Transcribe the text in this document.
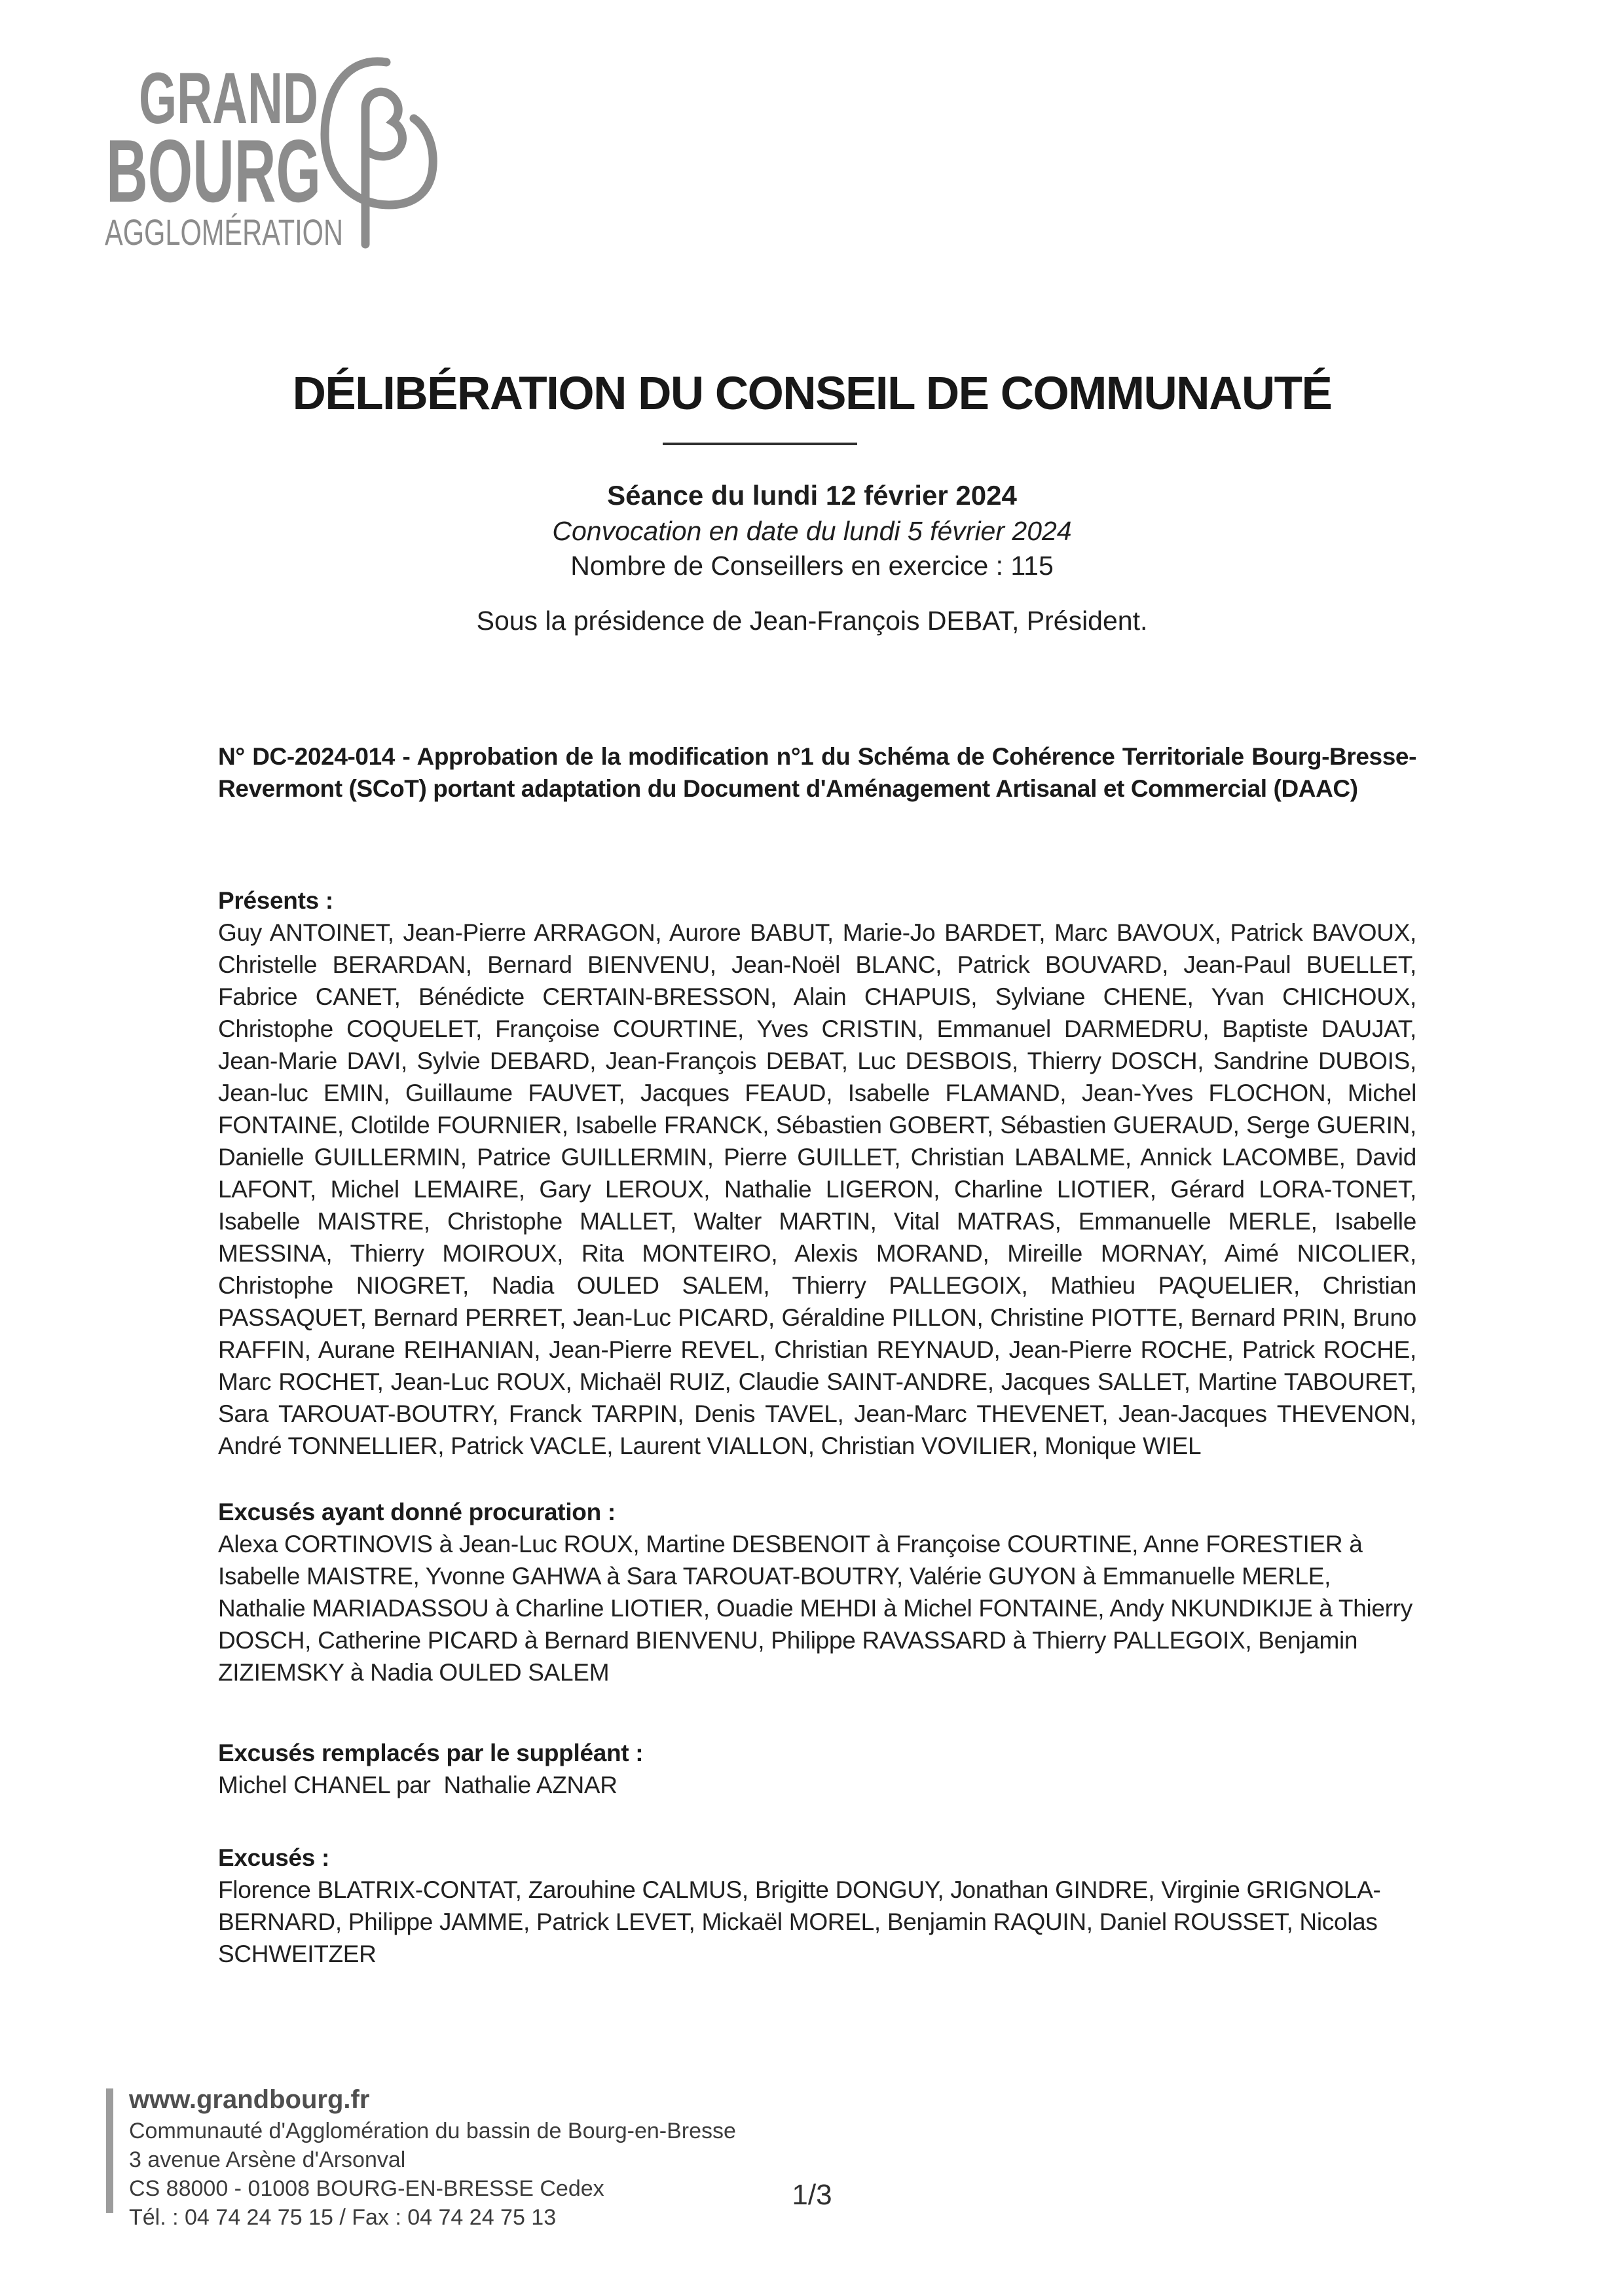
GRAND
BOURG
AGGLOMÉRATION
DÉLIBÉRATION DU CONSEIL DE COMMUNAUTÉ
Séance du lundi 12 février 2024
Convocation en date du lundi 5 février 2024
Nombre de Conseillers en exercice : 115
Sous la présidence de Jean-François DEBAT, Président.
N° DC-2024-014 - Approbation de la modification n°1 du Schéma de Cohérence Territoriale Bourg-Bresse-Revermont (SCoT) portant adaptation du Document d'Aménagement Artisanal et Commercial (DAAC)
Présents :
Guy ANTOINET, Jean-Pierre ARRAGON, Aurore BABUT, Marie-Jo BARDET, Marc BAVOUX, Patrick BAVOUX, Christelle BERARDAN, Bernard BIENVENU, Jean-Noël BLANC, Patrick BOUVARD, Jean-Paul BUELLET, Fabrice CANET, Bénédicte CERTAIN-BRESSON, Alain CHAPUIS, Sylviane CHENE, Yvan CHICHOUX, Christophe COQUELET, Françoise COURTINE, Yves CRISTIN, Emmanuel DARMEDRU, Baptiste DAUJAT, Jean-Marie DAVI, Sylvie DEBARD, Jean-François DEBAT, Luc DESBOIS, Thierry DOSCH, Sandrine DUBOIS, Jean-luc EMIN, Guillaume FAUVET, Jacques FEAUD, Isabelle FLAMAND, Jean-Yves FLOCHON, Michel FONTAINE, Clotilde FOURNIER, Isabelle FRANCK, Sébastien GOBERT, Sébastien GUERAUD, Serge GUERIN, Danielle GUILLERMIN, Patrice GUILLERMIN, Pierre GUILLET, Christian LABALME, Annick LACOMBE, David LAFONT, Michel LEMAIRE, Gary LEROUX, Nathalie LIGERON, Charline LIOTIER, Gérard LORA-TONET, Isabelle MAISTRE, Christophe MALLET, Walter MARTIN, Vital MATRAS, Emmanuelle MERLE, Isabelle MESSINA, Thierry MOIROUX, Rita MONTEIRO, Alexis MORAND, Mireille MORNAY, Aimé NICOLIER, Christophe NIOGRET, Nadia OULED SALEM, Thierry PALLEGOIX, Mathieu PAQUELIER, Christian PASSAQUET, Bernard PERRET, Jean-Luc PICARD, Géraldine PILLON, Christine PIOTTE, Bernard PRIN, Bruno RAFFIN, Aurane REIHANIAN, Jean-Pierre REVEL, Christian REYNAUD, Jean-Pierre ROCHE, Patrick ROCHE, Marc ROCHET, Jean-Luc ROUX, Michaël RUIZ, Claudie SAINT-ANDRE, Jacques SALLET, Martine TABOURET, Sara TAROUAT-BOUTRY, Franck TARPIN, Denis TAVEL, Jean-Marc THEVENET, Jean-Jacques THEVENON, André TONNELLIER, Patrick VACLE, Laurent VIALLON, Christian VOVILIER, Monique WIEL
Excusés ayant donné procuration :
Alexa CORTINOVIS à Jean-Luc ROUX, Martine DESBENOIT à Françoise COURTINE, Anne FORESTIER à Isabelle MAISTRE, Yvonne GAHWA à Sara TAROUAT-BOUTRY, Valérie GUYON à Emmanuelle MERLE, Nathalie MARIADASSOU à Charline LIOTIER, Ouadie MEHDI à Michel FONTAINE, Andy NKUNDIKIJE à Thierry DOSCH, Catherine PICARD à Bernard BIENVENU, Philippe RAVASSARD à Thierry PALLEGOIX, Benjamin ZIZIEMSKY à Nadia OULED SALEM
Excusés remplacés par le suppléant :
Michel CHANEL par  Nathalie AZNAR
Excusés :
Florence BLATRIX-CONTAT, Zarouhine CALMUS, Brigitte DONGUY, Jonathan GINDRE, Virginie GRIGNOLA-BERNARD, Philippe JAMME, Patrick LEVET, Mickaël MOREL, Benjamin RAQUIN, Daniel ROUSSET, Nicolas SCHWEITZER
www.grandbourg.fr
Communauté d'Agglomération du bassin de Bourg-en-Bresse
3 avenue Arsène d'Arsonval
CS 88000 - 01008 BOURG-EN-BRESSE Cedex
Tél. : 04 74 24 75 15 / Fax : 04 74 24 75 13
1/3
